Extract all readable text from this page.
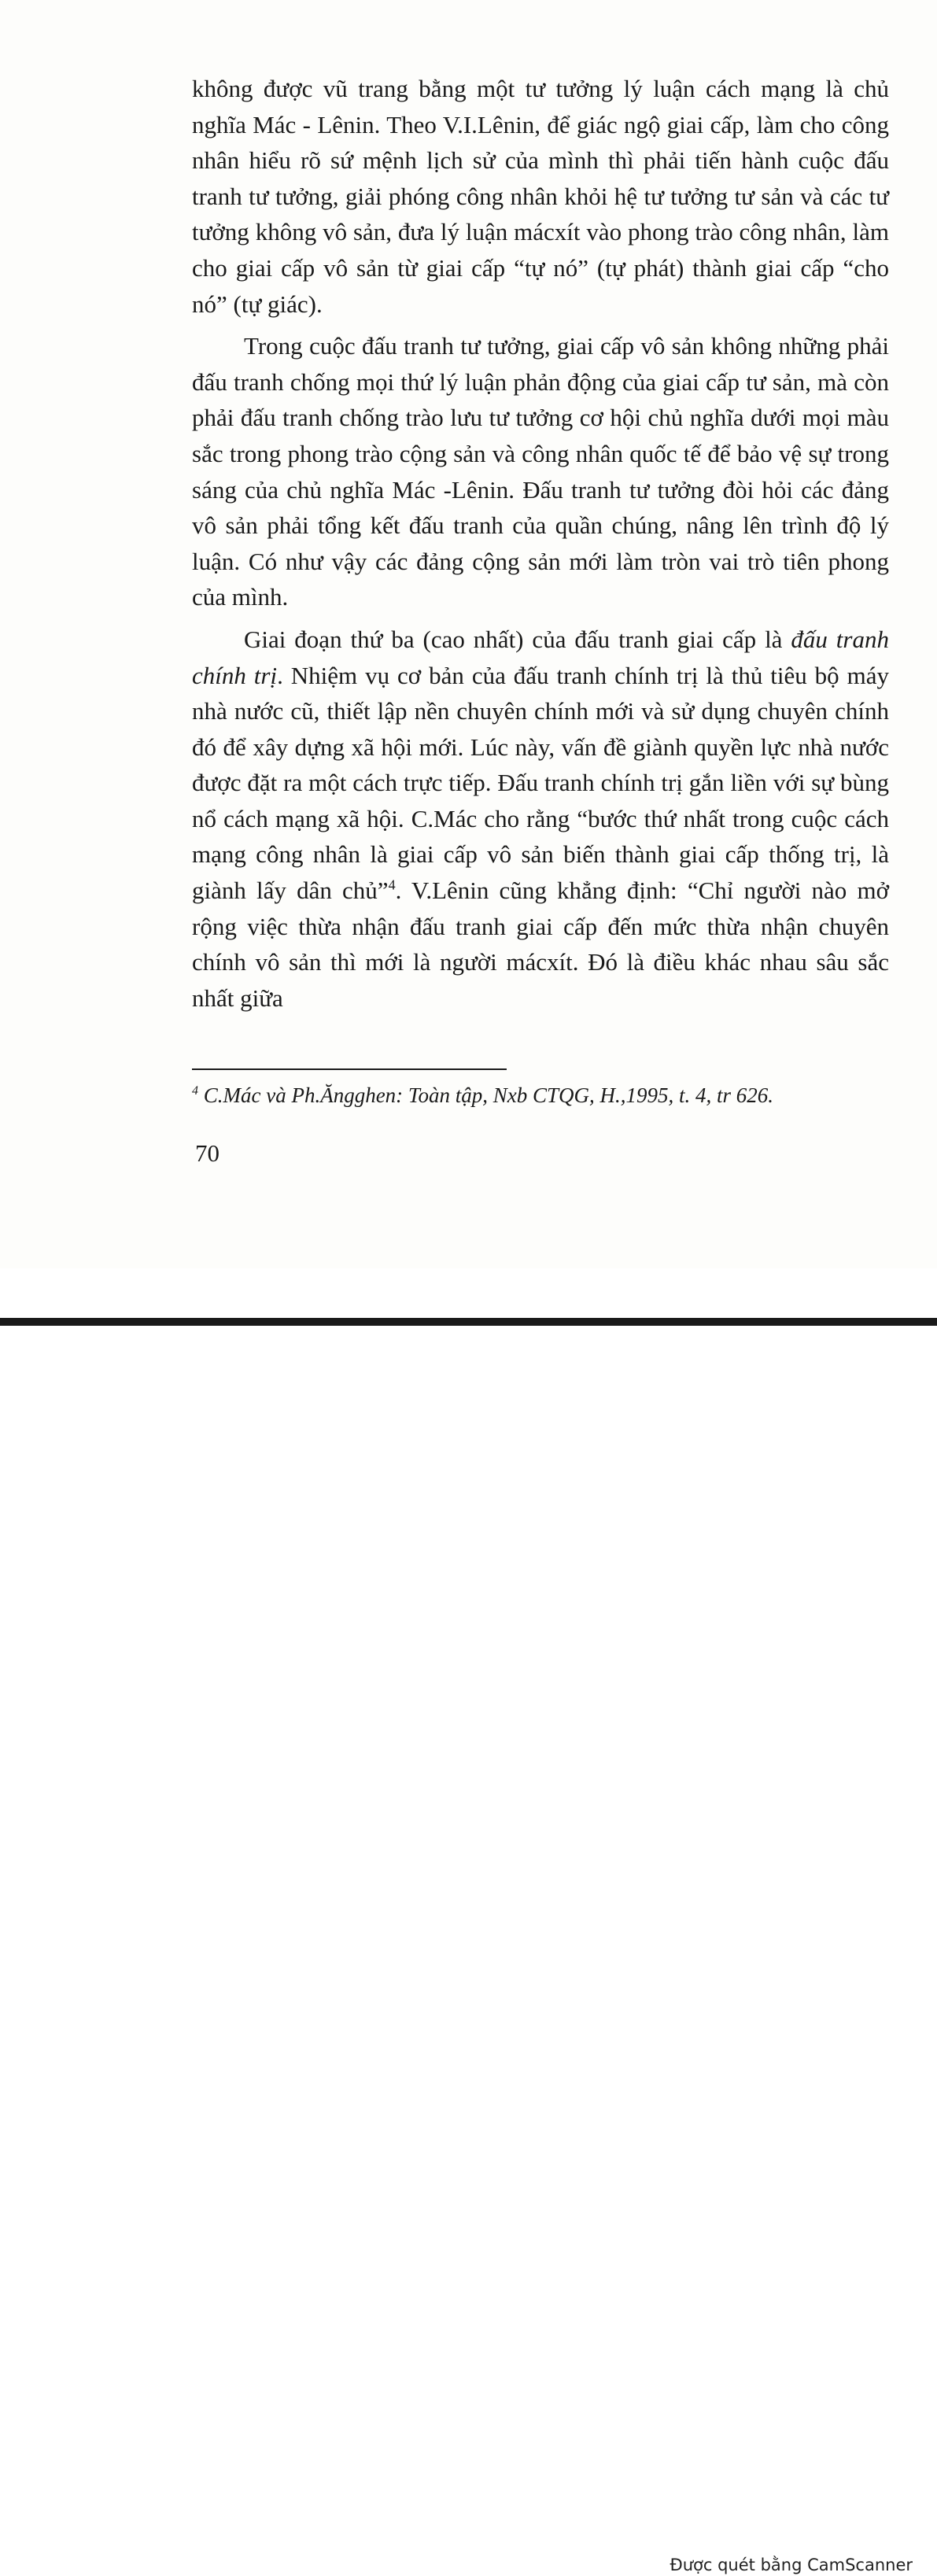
không được vũ trang bằng một tư tưởng lý luận cách mạng là chủ nghĩa Mác - Lênin. Theo V.I.Lênin, để giác ngộ giai cấp, làm cho công nhân hiểu rõ sứ mệnh lịch sử của mình thì phải tiến hành cuộc đấu tranh tư tưởng, giải phóng công nhân khỏi hệ tư tưởng tư sản và các tư tưởng không vô sản, đưa lý luận mácxít vào phong trào công nhân, làm cho giai cấp vô sản từ giai cấp “tự nó” (tự phát) thành giai cấp “cho nó” (tự giác).

Trong cuộc đấu tranh tư tưởng, giai cấp vô sản không những phải đấu tranh chống mọi thứ lý luận phản động của giai cấp tư sản, mà còn phải đấu tranh chống trào lưu tư tưởng cơ hội chủ nghĩa dưới mọi màu sắc trong phong trào cộng sản và công nhân quốc tế để bảo vệ sự trong sáng của chủ nghĩa Mác -Lênin. Đấu tranh tư tưởng đòi hỏi các đảng vô sản phải tổng kết đấu tranh của quần chúng, nâng lên trình độ lý luận. Có như vậy các đảng cộng sản mới làm tròn vai trò tiên phong của mình.

Giai đoạn thứ ba (cao nhất) của đấu tranh giai cấp là đấu tranh chính trị. Nhiệm vụ cơ bản của đấu tranh chính trị là thủ tiêu bộ máy nhà nước cũ, thiết lập nền chuyên chính mới và sử dụng chuyên chính đó để xây dựng xã hội mới. Lúc này, vấn đề giành quyền lực nhà nước được đặt ra một cách trực tiếp. Đấu tranh chính trị gắn liền với sự bùng nổ cách mạng xã hội. C.Mác cho rằng “bước thứ nhất trong cuộc cách mạng công nhân là giai cấp vô sản biến thành giai cấp thống trị, là giành lấy dân chủ”$^4$. V.Lênin cũng khẳng định: “Chỉ người nào mở rộng việc thừa nhận đấu tranh giai cấp đến mức thừa nhận chuyên chính vô sản thì mới là người mácxít. Đó là điều khác nhau sâu sắc nhất giữa

$^4$ C.Mác và Ph.Ăngghen: Toàn tập, Nxb CTQG, H.,1995, t. 4, tr 626.
70
Được quét bằng CamScanner
